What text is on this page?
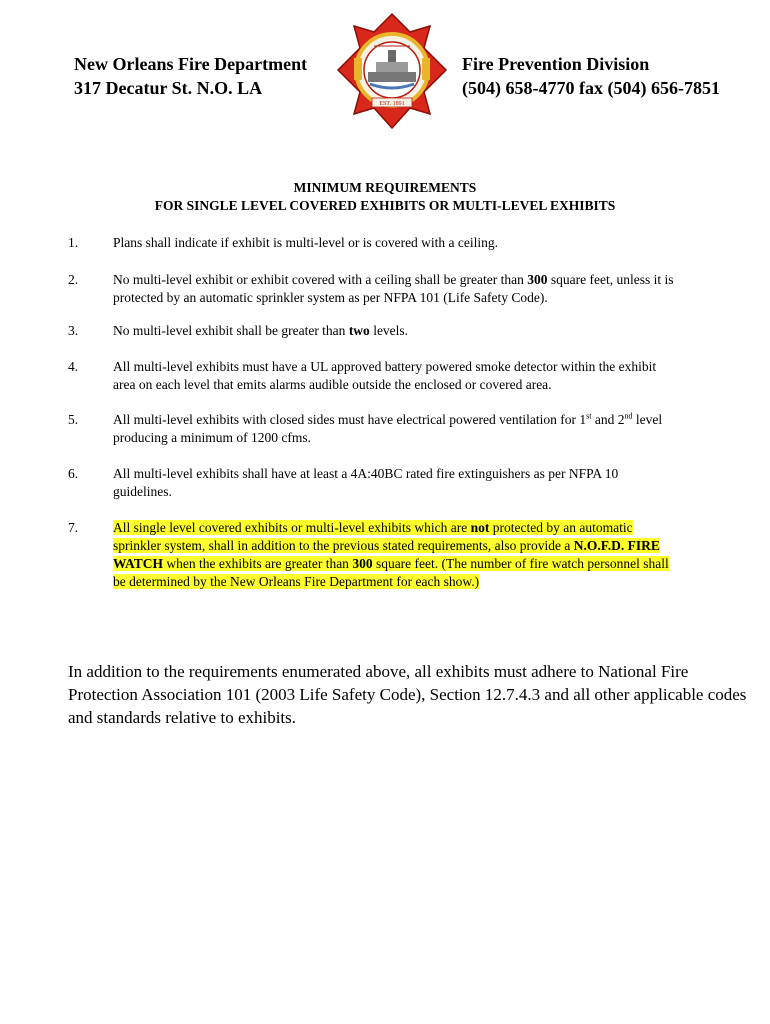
New Orleans Fire Department
317 Decatur St. N.O. LA
EST. 1891
Fire Prevention Division
(504) 658-4770 fax (504) 656-7851
MINIMUM REQUIREMENTS
FOR SINGLE LEVEL COVERED EXHIBITS OR MULTI-LEVEL EXHIBITS
1.	Plans shall indicate if exhibit is multi-level or is covered with a ceiling.
2.	No multi-level exhibit or exhibit covered with a ceiling shall be greater than 300 square feet, unless it is
protected by an automatic sprinkler system as per NFPA 101 (Life Safety Code).
3.	No multi-level exhibit shall be greater than two levels.
4.	All multi-level exhibits must have a UL approved battery powered smoke detector within the exhibit
area on each level that emits alarms audible outside the enclosed or covered area.
5.	All multi-level exhibits with closed sides must have electrical powered ventilation for 1st and 2nd level
producing a minimum of 1200 cfms.
6.	All multi-level exhibits shall have at least a 4A:40BC rated fire extinguishers as per NFPA 10
guidelines.
7.	All single level covered exhibits or multi-level exhibits which are not protected by an automatic
sprinkler system, shall in addition to the previous stated requirements, also provide a N.O.F.D. FIRE
WATCH when the exhibits are greater than 300 square feet. (The number of fire watch personnel shall
be determined by the New Orleans Fire Department for each show.)
In addition to the requirements enumerated above, all exhibits must adhere to National Fire Protection Association 101 (2003 Life Safety Code), Section 12.7.4.3 and all other applicable codes and standards relative to exhibits.
